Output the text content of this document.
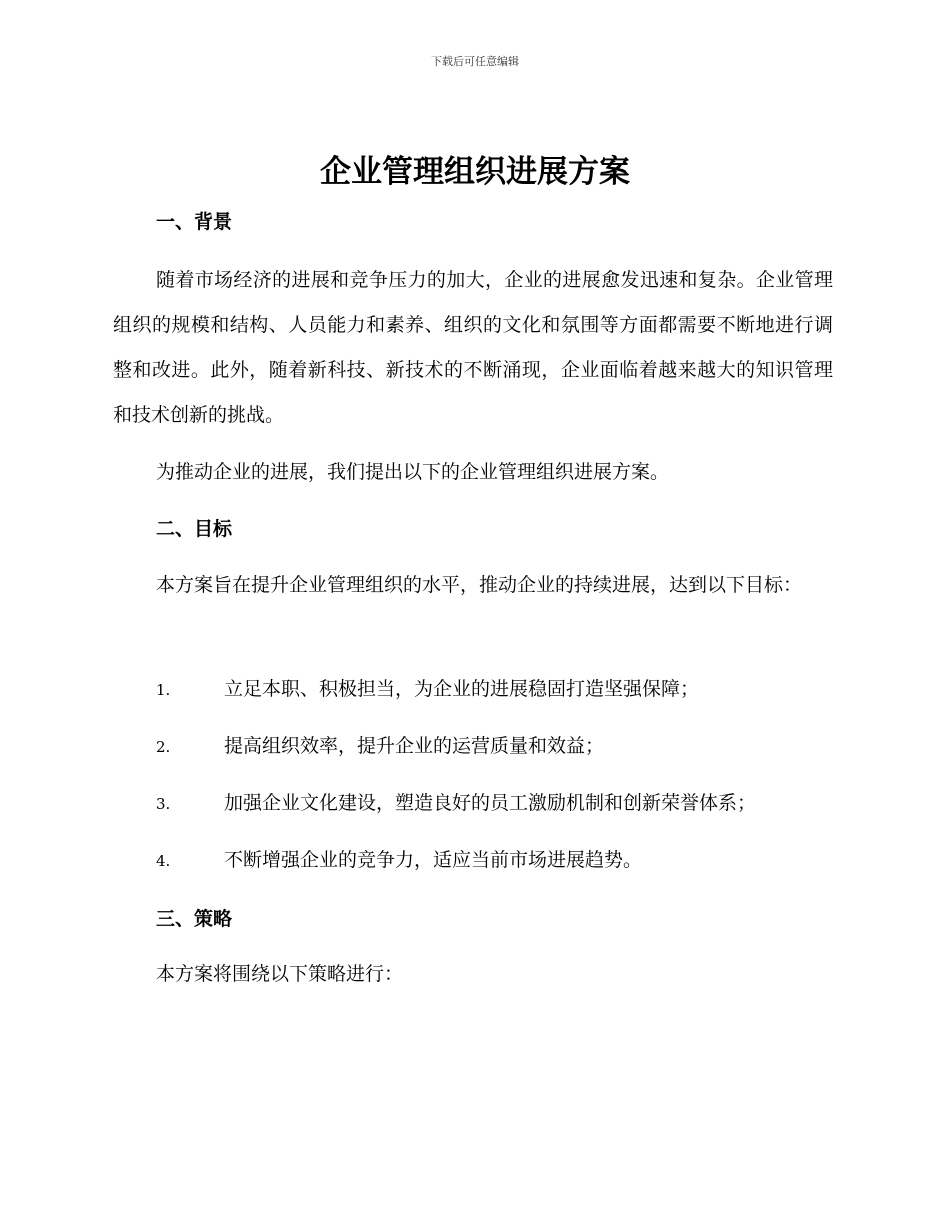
下载后可任意编辑
企业管理组织进展方案
一、背景
随着市场经济的进展和竞争压力的加大，企业的进展愈发迅速和复杂。企业管理组织的规模和结构、人员能力和素养、组织的文化和氛围等方面都需要不断地进行调整和改进。此外，随着新科技、新技术的不断涌现，企业面临着越来越大的知识管理和技术创新的挑战。
为推动企业的进展，我们提出以下的企业管理组织进展方案。
二、目标
本方案旨在提升企业管理组织的水平，推动企业的持续进展，达到以下目标：
1.	立足本职、积极担当，为企业的进展稳固打造坚强保障；
2.	提高组织效率，提升企业的运营质量和效益；
3.	加强企业文化建设，塑造良好的员工激励机制和创新荣誉体系；
4.	不断增强企业的竞争力，适应当前市场进展趋势。
三、策略
本方案将围绕以下策略进行：
